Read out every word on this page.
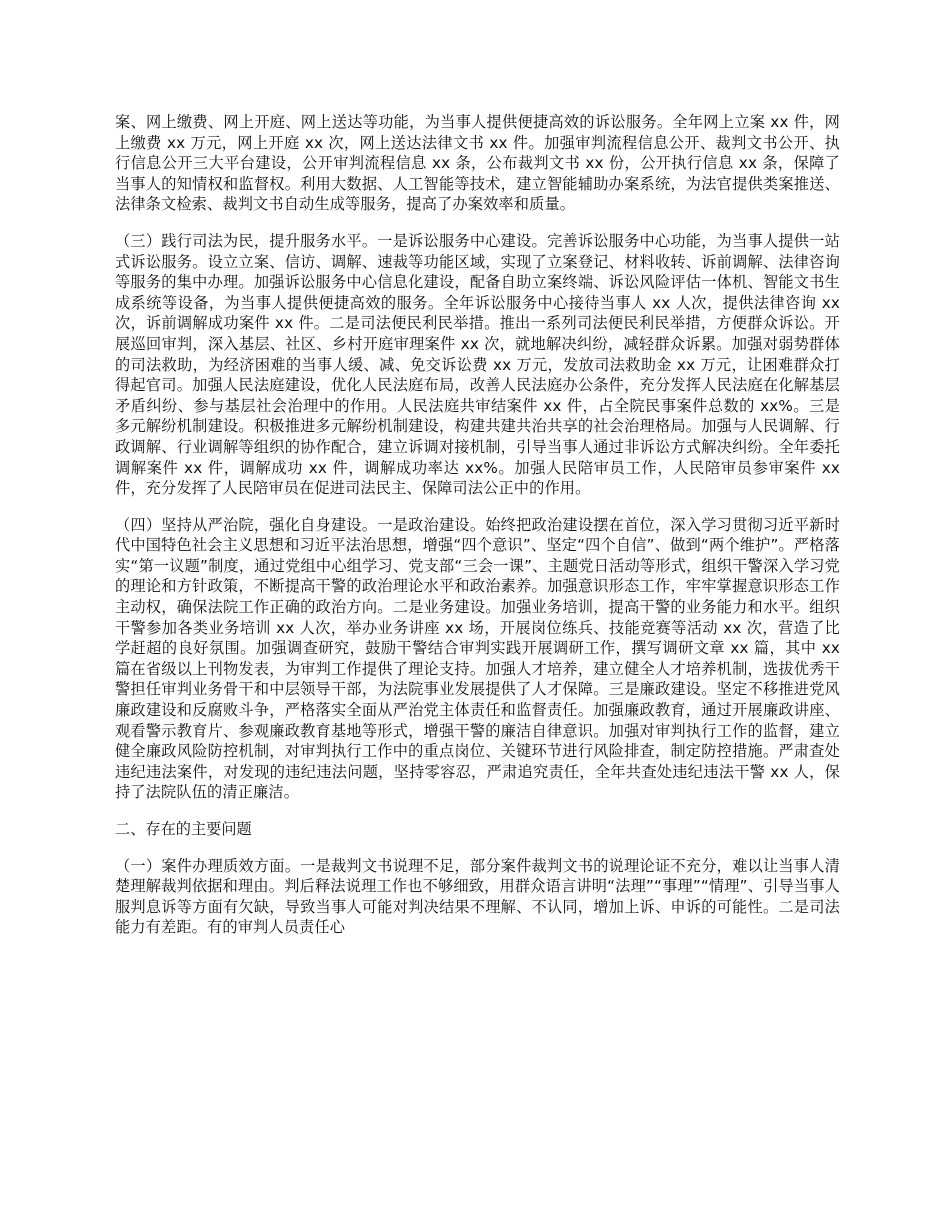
案、网上缴费、网上开庭、网上送达等功能，为当事人提供便捷高效的诉讼服务。全年网上立案 xx 件，网上缴费 xx 万元，网上开庭 xx 次，网上送达法律文书 xx 件。加强审判流程信息公开、裁判文书公开、执行信息公开三大平台建设，公开审判流程信息 xx 条，公布裁判文书 xx 份，公开执行信息 xx 条，保障了当事人的知情权和监督权。利用大数据、人工智能等技术，建立智能辅助办案系统，为法官提供类案推送、法律条文检索、裁判文书自动生成等服务，提高了办案效率和质量。

（三）践行司法为民，提升服务水平。一是诉讼服务中心建设。完善诉讼服务中心功能，为当事人提供一站式诉讼服务。设立立案、信访、调解、速裁等功能区域，实现了立案登记、材料收转、诉前调解、法律咨询等服务的集中办理。加强诉讼服务中心信息化建设，配备自助立案终端、诉讼风险评估一体机、智能文书生成系统等设备，为当事人提供便捷高效的服务。全年诉讼服务中心接待当事人 xx 人次，提供法律咨询 xx 次，诉前调解成功案件 xx 件。二是司法便民利民举措。推出一系列司法便民利民举措，方便群众诉讼。开展巡回审判，深入基层、社区、乡村开庭审理案件 xx 次，就地解决纠纷，减轻群众诉累。加强对弱势群体的司法救助，为经济困难的当事人缓、减、免交诉讼费 xx 万元，发放司法救助金 xx 万元，让困难群众打得起官司。加强人民法庭建设，优化人民法庭布局，改善人民法庭办公条件，充分发挥人民法庭在化解基层矛盾纠纷、参与基层社会治理中的作用。人民法庭共审结案件 xx 件，占全院民事案件总数的 xx%。三是多元解纷机制建设。积极推进多元解纷机制建设，构建共建共治共享的社会治理格局。加强与人民调解、行政调解、行业调解等组织的协作配合，建立诉调对接机制，引导当事人通过非诉讼方式解决纠纷。全年委托调解案件 xx 件，调解成功 xx 件，调解成功率达 xx%。加强人民陪审员工作，人民陪审员参审案件 xx 件，充分发挥了人民陪审员在促进司法民主、保障司法公正中的作用。

（四）坚持从严治院，强化自身建设。一是政治建设。始终把政治建设摆在首位，深入学习贯彻习近平新时代中国特色社会主义思想和习近平法治思想，增强“四个意识”、坚定“四个自信”、做到“两个维护”。严格落实“第一议题”制度，通过党组中心组学习、党支部“三会一课”、主题党日活动等形式，组织干警深入学习党的理论和方针政策，不断提高干警的政治理论水平和政治素养。加强意识形态工作，牢牢掌握意识形态工作主动权，确保法院工作正确的政治方向。二是业务建设。加强业务培训，提高干警的业务能力和水平。组织干警参加各类业务培训 xx 人次，举办业务讲座 xx 场，开展岗位练兵、技能竞赛等活动 xx 次，营造了比学赶超的良好氛围。加强调查研究，鼓励干警结合审判实践开展调研工作，撰写调研文章 xx 篇，其中 xx 篇在省级以上刊物发表，为审判工作提供了理论支持。加强人才培养，建立健全人才培养机制，选拔优秀干警担任审判业务骨干和中层领导干部，为法院事业发展提供了人才保障。三是廉政建设。坚定不移推进党风廉政建设和反腐败斗争，严格落实全面从严治党主体责任和监督责任。加强廉政教育，通过开展廉政讲座、观看警示教育片、参观廉政教育基地等形式，增强干警的廉洁自律意识。加强对审判执行工作的监督，建立健全廉政风险防控机制，对审判执行工作中的重点岗位、关键环节进行风险排查，制定防控措施。严肃查处违纪违法案件，对发现的违纪违法问题，坚持零容忍，严肃追究责任，全年共查处违纪违法干警 xx 人，保持了法院队伍的清正廉洁。

二、存在的主要问题

（一）案件办理质效方面。一是裁判文书说理不足，部分案件裁判文书的说理论证不充分，难以让当事人清楚理解裁判依据和理由。判后释法说理工作也不够细致，用群众语言讲明“法理”“事理”“情理”、引导当事人服判息诉等方面有欠缺，导致当事人可能对判决结果不理解、不认同，增加上诉、申诉的可能性。二是司法能力有差距。有的审判人员责任心
